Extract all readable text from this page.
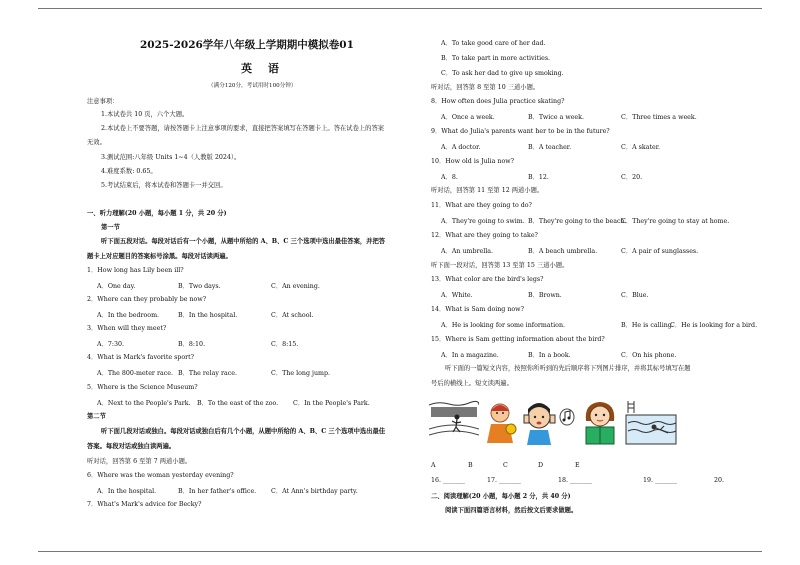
2025-2026学年八年级上学期期中模拟卷01
英 语
（满分120分，考试用时100分钟）
注意事项：
1.本试卷共 10 页，六个大题。
2.本试卷上不要答题，请按答题卡上注意事项的要求，直接把答案填写在答题卡上。答在试卷上的答案
无效。
3.测试范围:八年级 Units 1~4（人教版 2024）。
4.难度系数: 0.65。
5.考试结束后，将本试卷和答题卡一并交回。
一、听力理解(20 小题，每小题 1 分，共 20 分)
第一节
听下面五段对话。每段对话后有一个小题，从题中所给的 A、B、C 三个选项中选出最佳答案，并把答
题卡上对应题目的答案标号涂黑。每段对话读两遍。
1．How long has Lily been ill?
A．One day.	B．Two days.	C．An evening.
2．Where can they probably be now?
A．In the bedroom.	B．In the hospital.	C．At school.
3．When will they meet?
A．7:30.	B．8:10.	C．8:15.
4．What is Mark's favorite sport?
A．The 800-meter race. B．The relay race.	C．The long jump.
5．Where is the Science Museum?
A．Next to the People's Park. B．To the east of the zoo. C．In the People's Park.
第二节
听下面几段对话或独白。每段对话或独白后有几个小题，从题中所给的 A、B、C 三个选项中选出最佳
答案。每段对话或独白读两遍。
听对话，回答第 6 至第 7 两道小题。
6．Where was the woman yesterday evening?
A．In the hospital.	B．In her father's office. C．At Ann's birthday party.
7．What's Mark's advice for Becky?
A．To take good care of her dad.
B．To take part in more activities.
C．To ask her dad to give up smoking.
听对话，回答第 8 至第 10 三道小题。
8．How often does Julia practice skating?
A．Once a week.	B．Twice a week.	C．Three times a week.
9．What do Julia's parents want her to be in the future?
A．A doctor.	B．A teacher.	C．A skater.
10．How old is Julia now?
A．8.	B．12.	C．20.
听对话，回答第 11 至第 12 两道小题。
11．What are they going to do?
A．They're going to swim. B．They're going to the beach.
C．They're going to stay at home.
12．What are they going to take?
A．An umbrella.	B．A beach umbrella.	C．A pair of sunglasses.
听下面一段对话，回答第 13 至第 15 三道小题。
13．What color are the bird's legs?
A．White.	B．Brown.	C．Blue.
14．What is Sam doing now?
A．He is looking for some information.	B．He is calling.
C．He is looking for a bird.
15．Where is Sam getting information about the bird?
A．In a magazine.	B．In a book.	C．On his phone.
听下面的一篇短文内容，按照你所听到的先后顺序将下列图片排序，并将其标号填写在题
号后的横线上。短文读两遍。
A	B	C	D	E
16. _______	17. _______	18. _______	19. _______	20.
二、阅读理解(20 小题，每小题 2 分，共 40 分)
阅读下面四篇语言材料，然后按文后要求做题。
